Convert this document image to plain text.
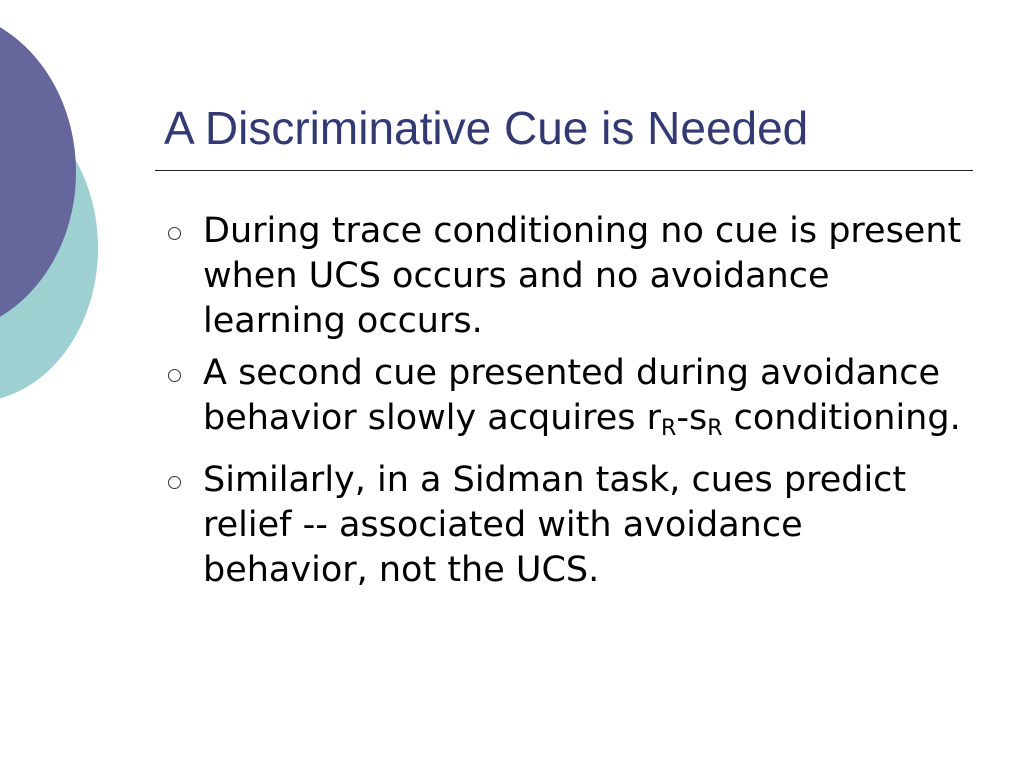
A Discriminative Cue is Needed
During trace conditioning no cue is present when UCS occurs and no avoidance learning occurs.
A second cue presented during avoidance behavior slowly acquires $r_R-s_R$ conditioning.
Similarly, in a Sidman task, cues predict relief -- associated with avoidance behavior, not the UCS.
